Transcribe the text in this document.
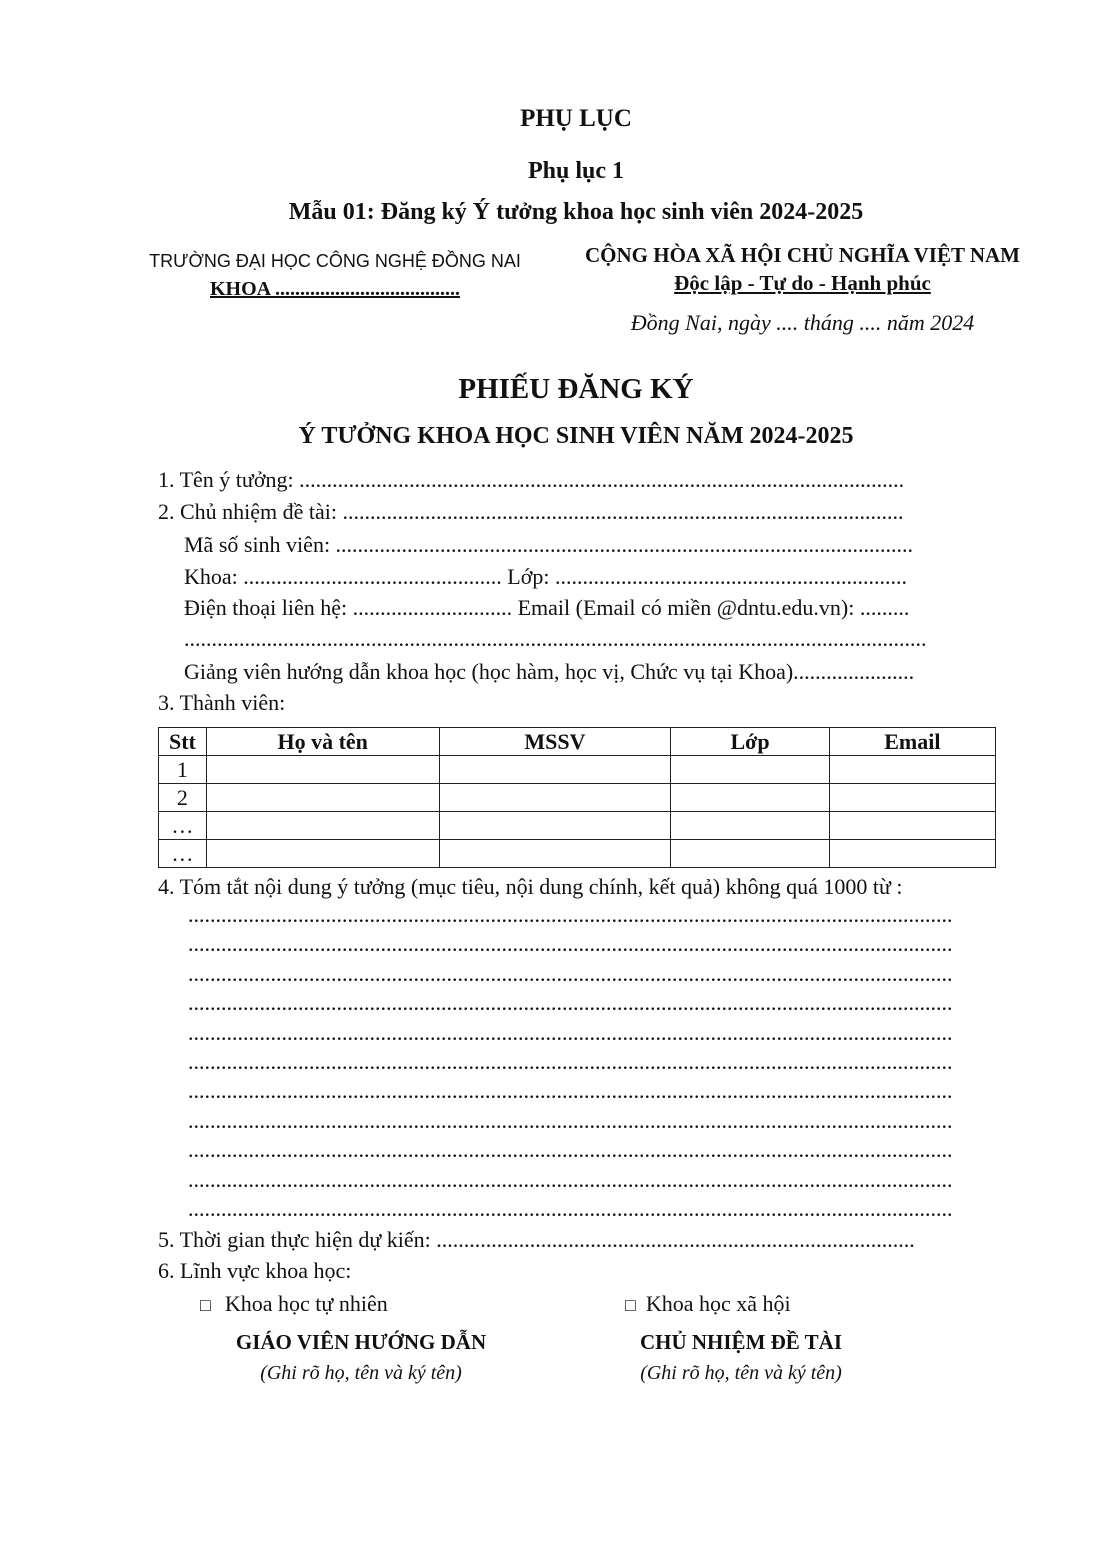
PHỤ LỤC
Phụ lục 1
Mẫu 01: Đăng ký Ý tưởng khoa học sinh viên 2024-2025
TRƯỜNG ĐẠI HỌC CÔNG NGHỆ ĐỒNG NAI
KHOA .....................................
CỘNG HÒA XÃ HỘI CHỦ NGHĨA VIỆT NAM
Độc lập - Tự do - Hạnh phúc
Đồng Nai, ngày .... tháng .... năm 2024
PHIẾU ĐĂNG KÝ
Ý TƯỞNG KHOA HỌC SINH VIÊN NĂM 2024-2025
1. Tên ý tưởng: ..............................................................................................................
2. Chủ nhiệm đề tài: ......................................................................................................
Mã số sinh viên: .........................................................................................................
Khoa: ............................................... Lớp: ................................................................
Điện thoại liên hệ: ............................. Email (Email có miền @dntu.edu.vn): .........
.......................................................................................................................................
Giảng viên hướng dẫn khoa học (học hàm, học vị, Chức vụ tại Khoa)......................
3. Thành viên:
Stt	Họ và tên	MSSV	Lớp	Email
1				
2				
…				
…				
4. Tóm tắt nội dung ý tưởng (mục tiêu, nội dung chính, kết quả) không quá 1000 từ :
...........................................................................................................................................
...........................................................................................................................................
...........................................................................................................................................
...........................................................................................................................................
...........................................................................................................................................
...........................................................................................................................................
...........................................................................................................................................
...........................................................................................................................................
...........................................................................................................................................
...........................................................................................................................................
...........................................................................................................................................
5. Thời gian thực hiện dự kiến: .......................................................................................
6. Lĩnh vực khoa học:
□ Khoa học tự nhiên	□ Khoa học xã hội
GIÁO VIÊN HƯỚNG DẪN
(Ghi rõ họ, tên và ký tên)
CHỦ NHIỆM ĐỀ TÀI
(Ghi rõ họ, tên và ký tên)
